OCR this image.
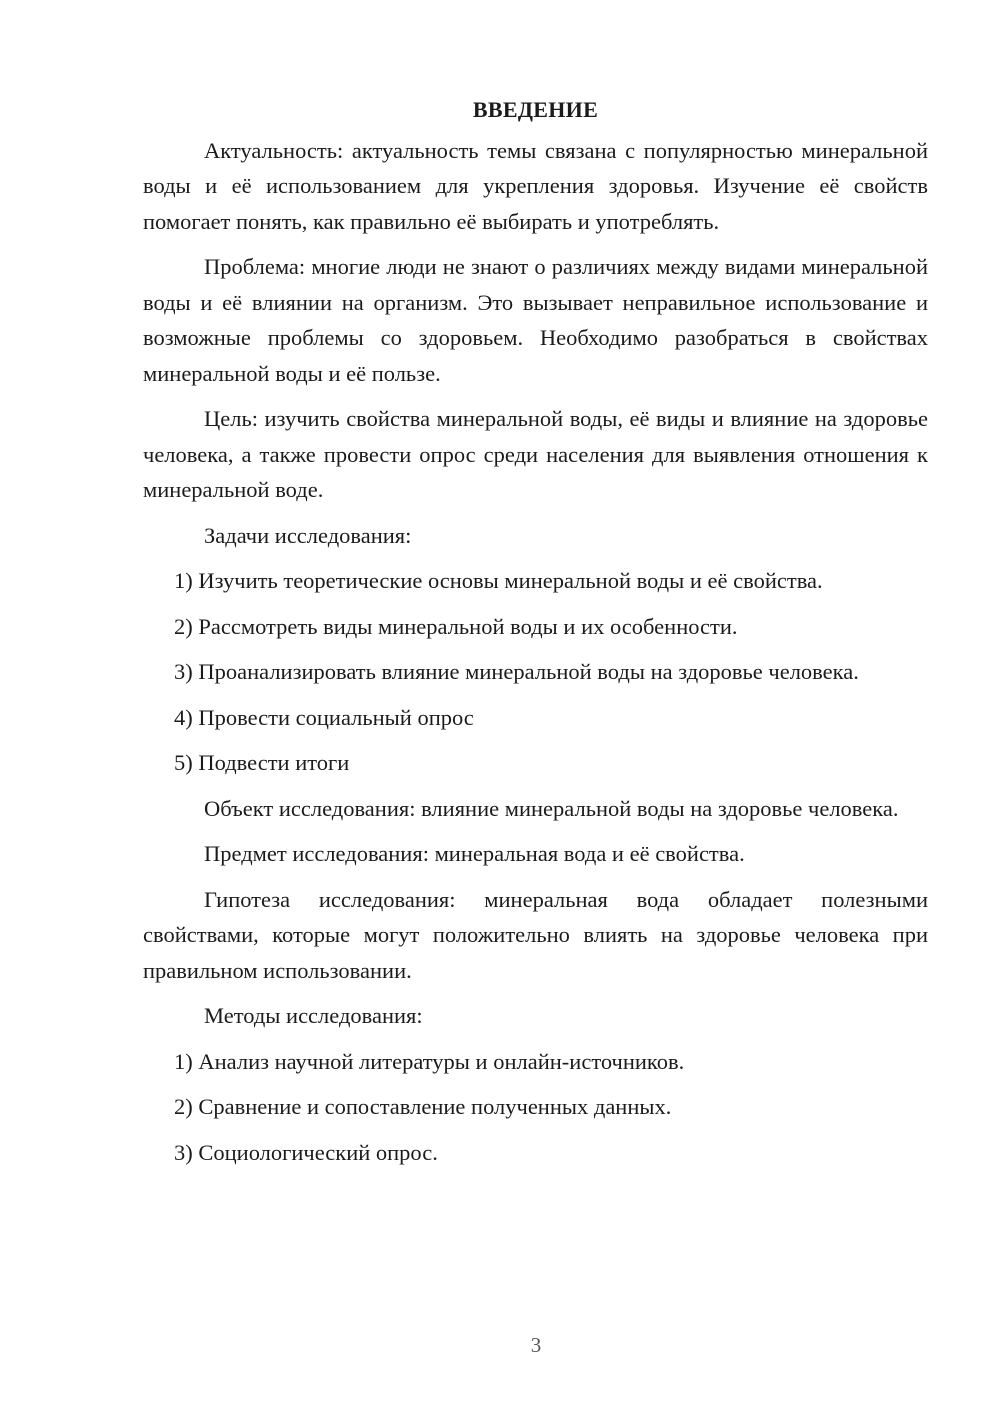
ВВЕДЕНИЕ

Актуальность: актуальность темы связана с популярностью минеральной воды и её использованием для укрепления здоровья. Изучение её свойств помогает понять, как правильно её выбирать и употреблять.

Проблема: многие люди не знают о различиях между видами минеральной воды и её влиянии на организм. Это вызывает неправильное использование и возможные проблемы со здоровьем. Необходимо разобраться в свойствах минеральной воды и её пользе.

Цель: изучить свойства минеральной воды, её виды и влияние на здоровье человека, а также провести опрос среди населения для выявления отношения к минеральной воде.

Задачи исследования:

1) Изучить теоретические основы минеральной воды и её свойства.

2) Рассмотреть виды минеральной воды и их особенности.

3) Проанализировать влияние минеральной воды на здоровье человека.

4) Провести социальный опрос

5) Подвести итоги

Объект исследования: влияние минеральной воды на здоровье человека.

Предмет исследования: минеральная вода и её свойства.

Гипотеза исследования: минеральная вода обладает полезными свойствами, которые могут положительно влиять на здоровье человека при правильном использовании.

Методы исследования:

1) Анализ научной литературы и онлайн-источников.

2) Сравнение и сопоставление полученных данных.

3) Социологический опрос.

3
